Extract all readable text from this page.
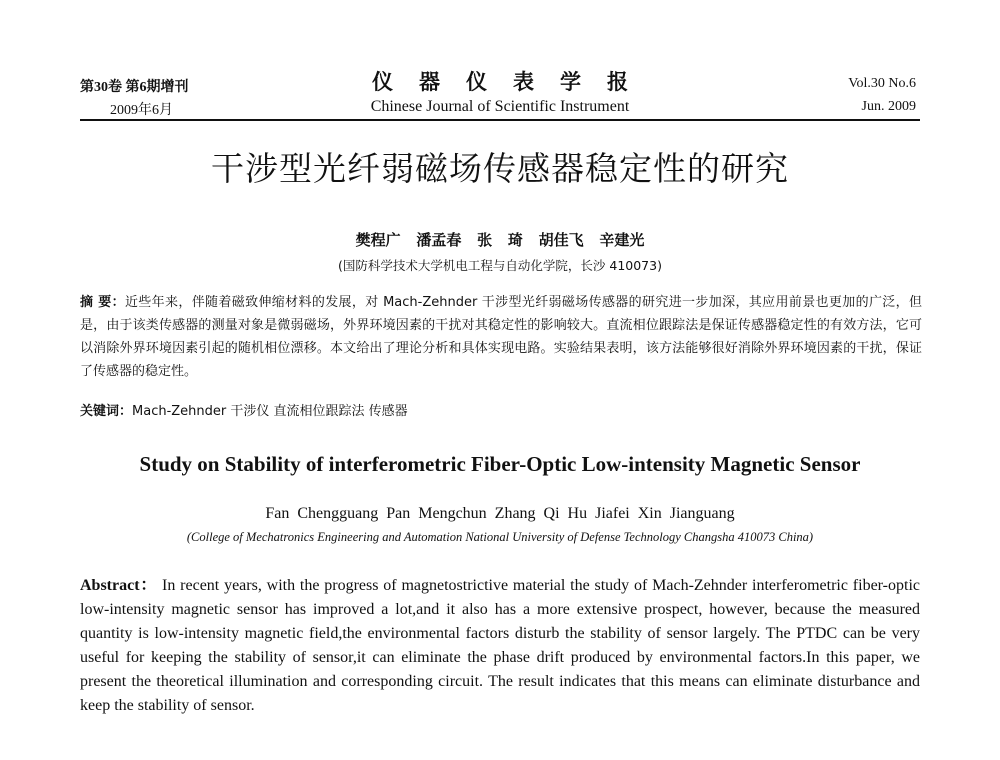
第30卷 第6期增刊
2009年6月
仪器仪表学报
Chinese Journal of Scientific Instrument
Vol.30 No.6
Jun. 2009
干涉型光纤弱磁场传感器稳定性的研究
樊程广 潘孟春 张 琦 胡佳飞 辛建光
(国防科学技术大学机电工程与自动化学院，长沙 410073)

摘 要：近些年来，伴随着磁致伸缩材料的发展，对 Mach-Zehnder 干涉型光纤弱磁场传感器的研究进一步加深，其应用前景也更加的广泛，但是，由于该类传感器的测量对象是微弱磁场，外界环境因素的干扰对其稳定性的影响较大。直流相位跟踪法是保证传感器稳定性的有效方法，它可以消除外界环境因素引起的随机相位漂移。本文给出了理论分析和具体实现电路。实验结果表明，该方法能够很好消除外界环境因素的干扰，保证了传感器的稳定性。

关键词：Mach-Zehnder 干涉仪 直流相位跟踪法 传感器
Study on Stability of interferometric Fiber-Optic Low-intensity Magnetic Sensor
Fan Chengguang Pan Mengchun Zhang Qi Hu Jiafei Xin Jianguang
(College of Mechatronics Engineering and Automation National University of Defense Technology Changsha 410073 China)

Abstract： In recent years, with the progress of magnetostrictive material the study of Mach-Zehnder interferometric fiber-optic low-intensity magnetic sensor has improved a lot,and it also has a more extensive prospect, however, because the measured quantity is low-intensity magnetic field,the environmental factors disturb the stability of sensor largely. The PTDC can be very useful for keeping the stability of sensor,it can eliminate the phase drift produced by environmental factors.In this paper, we present the theoretical illumination and corresponding circuit. The result indicates that this means can eliminate disturbance and keep the stability of sensor.
